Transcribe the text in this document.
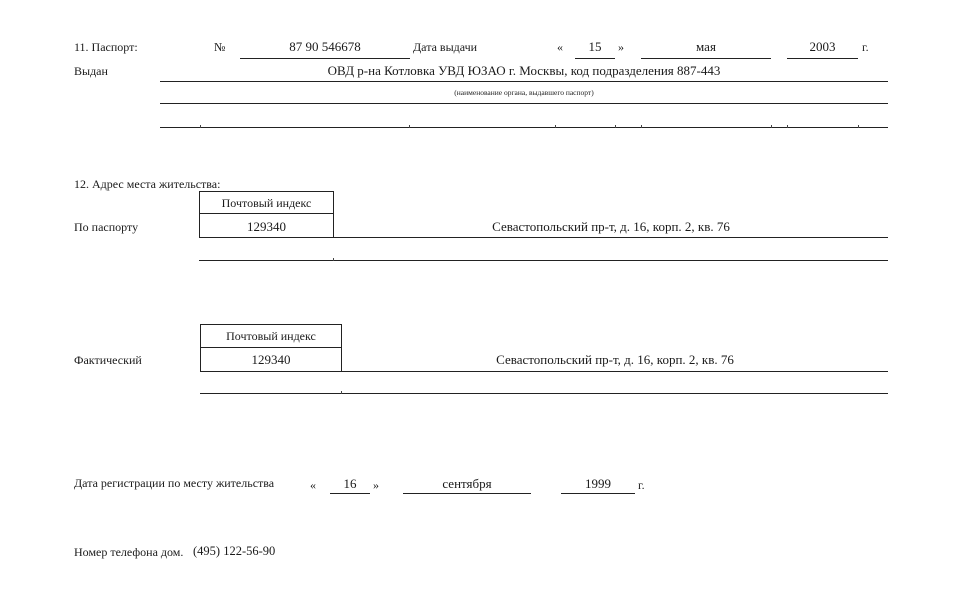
11. Паспорт:	№	87 90 546678	Дата выдачи	«	15	»	мая	2003	г.
Выдан	ОВД р-на Котловка УВД ЮЗАО г. Москвы, код подразделения 887-443
(наименование органа, выдавшего паспорт)
12. Адрес места жительства:
Почтовый индекс
По паспорту	129340	Севастопольский пр-т, д. 16, корп. 2, кв. 76
Почтовый индекс
Фактический	129340	Севастопольский пр-т, д. 16, корп. 2, кв. 76
Дата регистрации по месту жительства	«	16	»	сентября	1999	г.
Номер телефона дом. (495) 122-56-90
